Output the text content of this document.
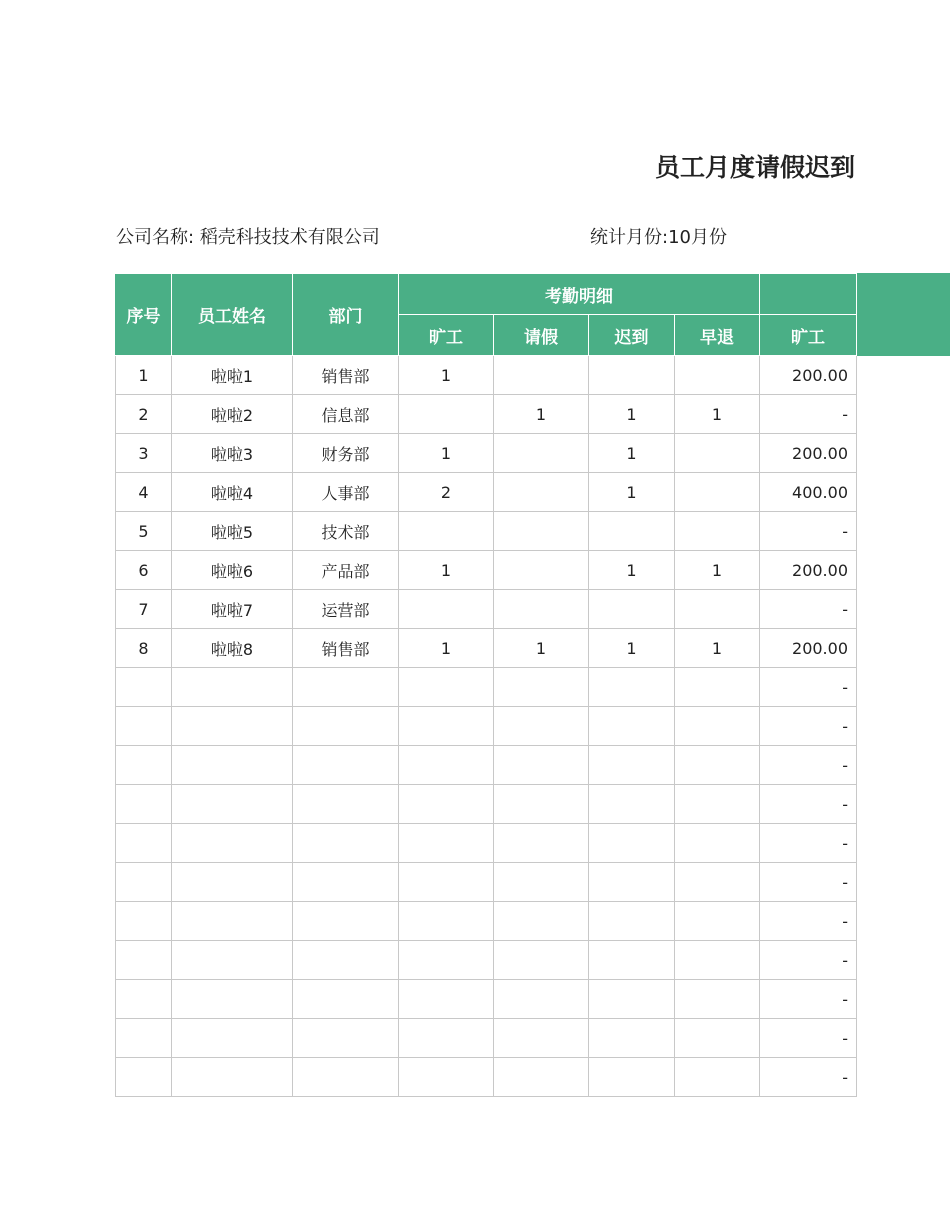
员工月度请假迟到
公司名称: 稻壳科技技术有限公司	统计月份:10月份
序号	员工姓名	部门	考勤明细				
			旷工	请假	迟到	早退	旷工
1	啦啦1	销售部	1				200.00
2	啦啦2	信息部		1	1	1	-
3	啦啦3	财务部	1		1		200.00
4	啦啦4	人事部	2		1		400.00
5	啦啦5	技术部					-
6	啦啦6	产品部	1		1	1	200.00
7	啦啦7	运营部					-
8	啦啦8	销售部	1	1	1	1	200.00
							-
							-
							-
							-
							-
							-
							-
							-
							-
							-
							-
